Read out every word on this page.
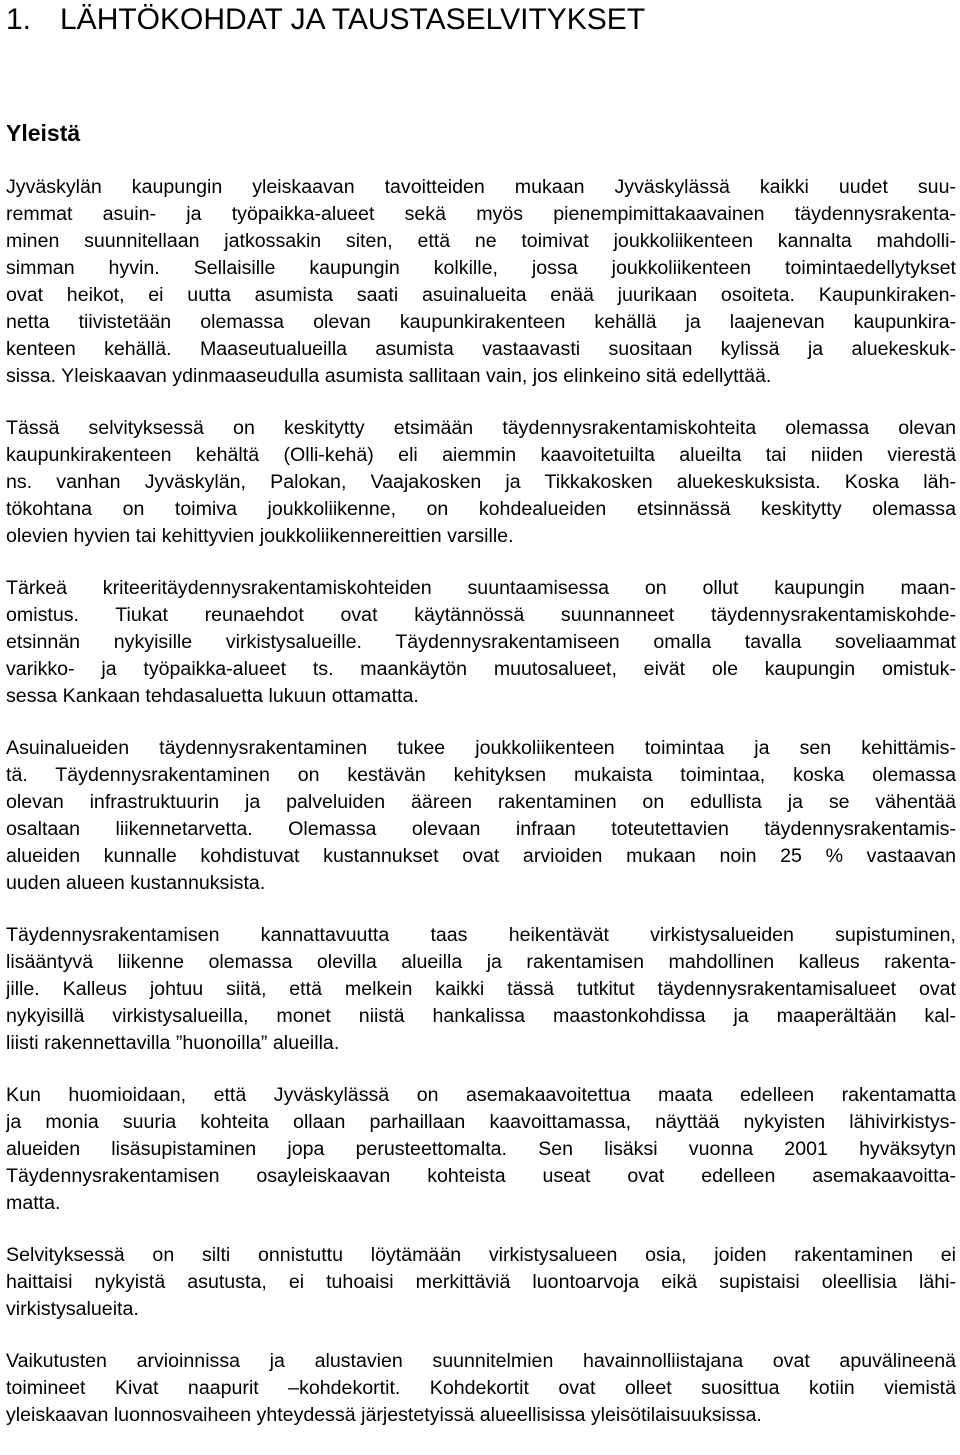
1. LÄHTÖKOHDAT JA TAUSTASELVITYKSET
Yleistä
Jyväskylän kaupungin yleiskaavan tavoitteiden mukaan Jyväskylässä kaikki uudet suu-
remmat asuin- ja työpaikka-alueet sekä myös pienempimittakaavainen täydennysrakenta-
minen suunnitellaan jatkossakin siten, että ne toimivat joukkoliikenteen kannalta mahdolli-
simman hyvin. Sellaisille kaupungin kolkille, jossa joukkoliikenteen toimintaedellytykset
ovat heikot, ei uutta asumista saati asuinalueita enää juurikaan osoiteta. Kaupunkiraken-
netta tiivistetään olemassa olevan kaupunkirakenteen kehällä ja laajenevan kaupunkira-
kenteen kehällä. Maaseutualueilla asumista vastaavasti suositaan kylissä ja aluekeskuk-
sissa. Yleiskaavan ydinmaaseudulla asumista sallitaan vain, jos elinkeino sitä edellyttää.
Tässä selvityksessä on keskitytty etsimään täydennysrakentamiskohteita olemassa olevan
kaupunkirakenteen kehältä (Olli-kehä) eli aiemmin kaavoitetuilta alueilta tai niiden vierestä
ns. vanhan Jyväskylän, Palokan, Vaajakosken ja Tikkakosken aluekeskuksista. Koska läh-
tökohtana on toimiva joukkoliikenne, on kohdealueiden etsinnässä keskitytty olemassa
olevien hyvien tai kehittyvien joukkoliikennereittien varsille.
Tärkeä kriteeritäydennysrakentamiskohteiden suuntaamisessa on ollut kaupungin maan-
omistus. Tiukat reunaehdot ovat käytännössä suunnanneet täydennysrakentamiskohde-
etsinnän nykyisille virkistysalueille. Täydennysrakentamiseen omalla tavalla soveliaammat
varikko- ja työpaikka-alueet ts. maankäytön muutosalueet, eivät ole kaupungin omistuk-
sessa Kankaan tehdasaluetta lukuun ottamatta.
Asuinalueiden täydennysrakentaminen tukee joukkoliikenteen toimintaa ja sen kehittämis-
tä. Täydennysrakentaminen on kestävän kehityksen mukaista toimintaa, koska olemassa
olevan infrastruktuurin ja palveluiden ääreen rakentaminen on edullista ja se vähentää
osaltaan liikennetarvetta. Olemassa olevaan infraan toteutettavien täydennysrakentamis-
alueiden kunnalle kohdistuvat kustannukset ovat arvioiden mukaan noin 25 % vastaavan
uuden alueen kustannuksista.
Täydennysrakentamisen kannattavuutta taas heikentävät virkistysalueiden supistuminen,
lisääntyvä liikenne olemassa olevilla alueilla ja rakentamisen mahdollinen kalleus rakenta-
jille. Kalleus johtuu siitä, että melkein kaikki tässä tutkitut täydennysrakentamisalueet ovat
nykyisillä virkistysalueilla, monet niistä hankalissa maastonkohdissa ja maaperältään kal-
liisti rakennettavilla ”huonoilla” alueilla.
Kun huomioidaan, että Jyväskylässä on asemakaavoitettua maata edelleen rakentamatta
ja monia suuria kohteita ollaan parhaillaan kaavoittamassa, näyttää nykyisten lähivirkistys-
alueiden lisäsupistaminen jopa perusteettomalta. Sen lisäksi vuonna 2001 hyväksytyn
Täydennysrakentamisen osayleiskaavan kohteista useat ovat edelleen asemakaavoitta-
matta.
Selvityksessä on silti onnistuttu löytämään virkistysalueen osia, joiden rakentaminen ei
haittaisi nykyistä asutusta, ei tuhoaisi merkittäviä luontoarvoja eikä supistaisi oleellisia lähi-
virkistysalueita.
Vaikutusten arvioinnissa ja alustavien suunnitelmien havainnolliistajana ovat apuvälineenä
toimineet Kivat naapurit –kohdekortit. Kohdekortit ovat olleet suosittua kotiin viemistä
yleiskaavan luonnosvaiheen yhteydessä järjestetyissä alueellisissa yleisötilaisuuksissa.
